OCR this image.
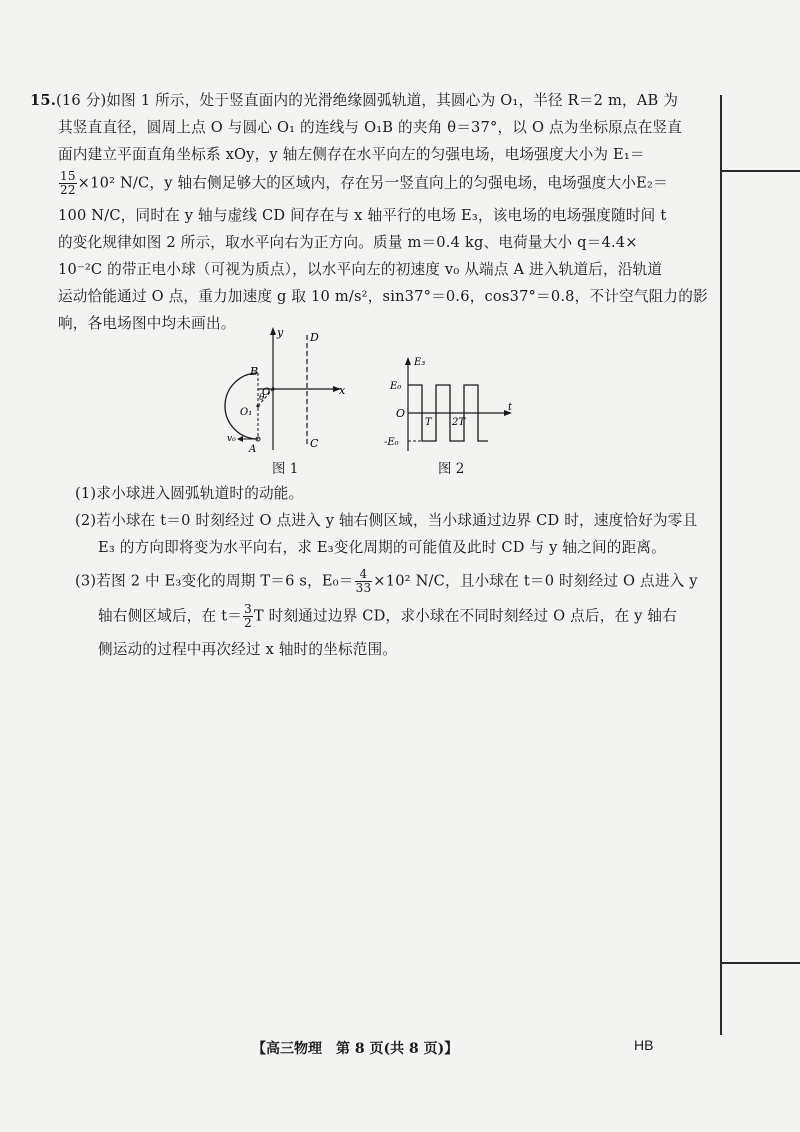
15.(16 分)如图 1 所示，处于竖直面内的光滑绝缘圆弧轨道，其圆心为 O₁，半径 R＝2 m，AB 为
其竖直直径，圆周上点 O 与圆心 O₁ 的连线与 O₁B 的夹角 θ＝37°，以 O 点为坐标原点在竖直
面内建立平面直角坐标系 xOy，y 轴左侧存在水平向左的匀强电场，电场强度大小为 E₁＝
$\frac{15}{22} \times 10^2$ N/C，y 轴右侧足够大的区域内，存在另一竖直向上的匀强电场，电场强度大小E₂＝
100 N/C，同时在 y 轴与虚线 CD 间存在与 x 轴平行的电场 E₃，该电场的电场强度随时间 t
的变化规律如图 2 所示，取水平向右为正方向。质量 m＝0.4 kg、电荷量大小 q＝4.4×
10⁻²C 的带正电小球（可视为质点），以水平向左的初速度 v₀ 从端点 A 进入轨道后，沿轨道
运动恰能通过 O 点，重力加速度 g 取 10 m/s²，sin37°＝0.6，cos37°＝0.8，不计空气阻力的影
响，各电场图中均未画出。
y
x
D
C
B
O
θ
O₁
v₀
A
图 1
E₃
E₀
O
-E₀
T 2T
t
图 2
(1)求小球进入圆弧轨道时的动能。
(2)若小球在 t＝0 时刻经过 O 点进入 y 轴右侧区域，当小球通过边界 CD 时，速度恰好为零且
E₃ 的方向即将变为水平向右，求 E₃变化周期的可能值及此时 CD 与 y 轴之间的距离。
(3)若图 2 中 E₃变化的周期 T＝6 s，$E_0= \frac{4}{33} \times 10^2$ N/C，且小球在 t＝0 时刻经过 O 点进入 y
轴右侧区域后，在 $t= \frac{3}{2}$ T 时刻通过边界 CD，求小球在不同时刻经过 O 点后，在 y 轴右
侧运动的过程中再次经过 x 轴时的坐标范围。
【高三物理　第 8 页(共 8 页)】	HB
